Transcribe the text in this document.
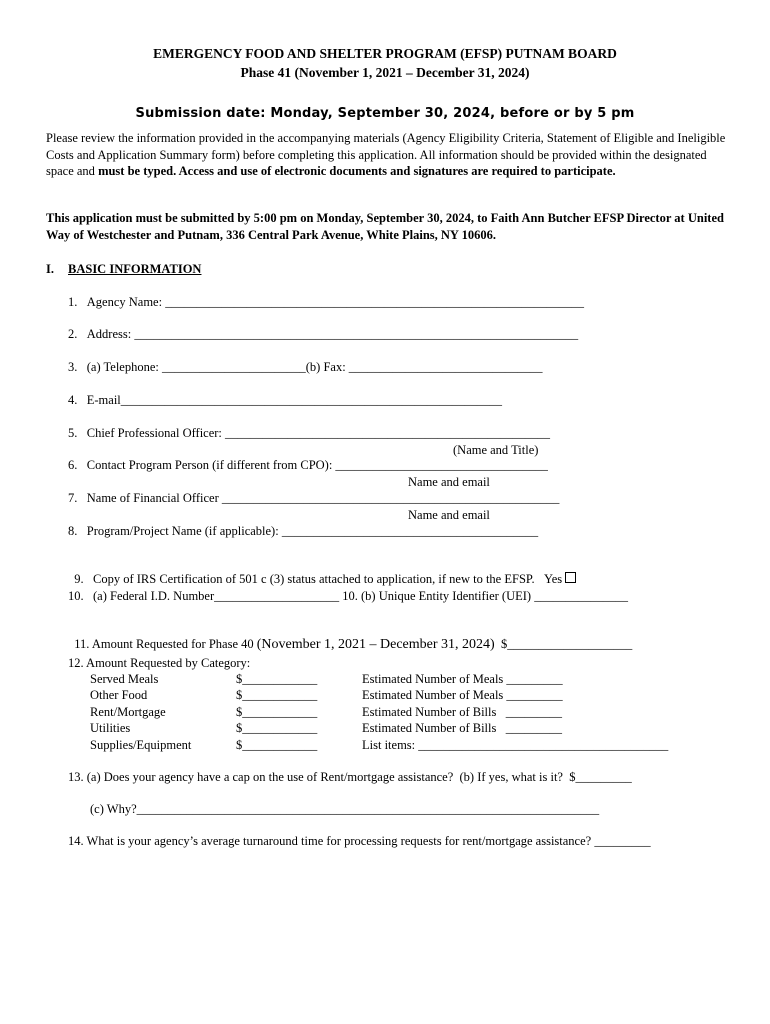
EMERGENCY FOOD AND SHELTER PROGRAM (EFSP) PUTNAM BOARD
Phase 41 (November 1, 2021 – December 31, 2024)
Submission date: Monday, September 30, 2024, before or by 5 pm
Please review the information provided in the accompanying materials (Agency Eligibility Criteria, Statement of Eligible and Ineligible Costs and Application Summary form) before completing this application. All information should be provided within the designated space and must be typed. Access and use of electronic documents and signatures are required to participate.
This application must be submitted by 5:00 pm on Monday, September 30, 2024, to Faith Ann Butcher EFSP Director at United Way of Westchester and Putnam, 336 Central Park Avenue, White Plains, NY 10606.
I. BASIC INFORMATION
1.   Agency Name: ___________________________________________________________________
2.   Address: _______________________________________________________________________
3.   (a) Telephone: _______________________(b) Fax: _______________________________
4.   E-mail_____________________________________________________________
5.   Chief Professional Officer: ____________________________________________________
(Name and Title)
6.   Contact Program Person (if different from CPO): __________________________________
Name and email
7.   Name of Financial Officer ______________________________________________________
Name and email
8.   Program/Project Name (if applicable): _________________________________________

9.   Copy of IRS Certification of 501 c (3) status attached to application, if new to the EFSP.   Yes

10.   (a) Federal I.D. Number____________________ 10. (b) Unique Entity Identifier (UEI) _______________

11. Amount Requested for Phase 40 (November 1, 2021 – December 31, 2024)  $____________________

12. Amount Requested by Category:
Served Meals	$____________	Estimated Number of Meals _________
Other Food	$____________	Estimated Number of Meals _________
Rent/Mortgage	$____________	Estimated Number of Bills   _________
Utilities	$____________	Estimated Number of Bills   _________
Supplies/Equipment	$____________	List items: ________________________________________
13. (a) Does your agency have a cap on the use of Rent/mortgage assistance?  (b) If yes, what is it?  $_________
(c) Why?__________________________________________________________________________
14. What is your agency’s average turnaround time for processing requests for rent/mortgage assistance? _________
